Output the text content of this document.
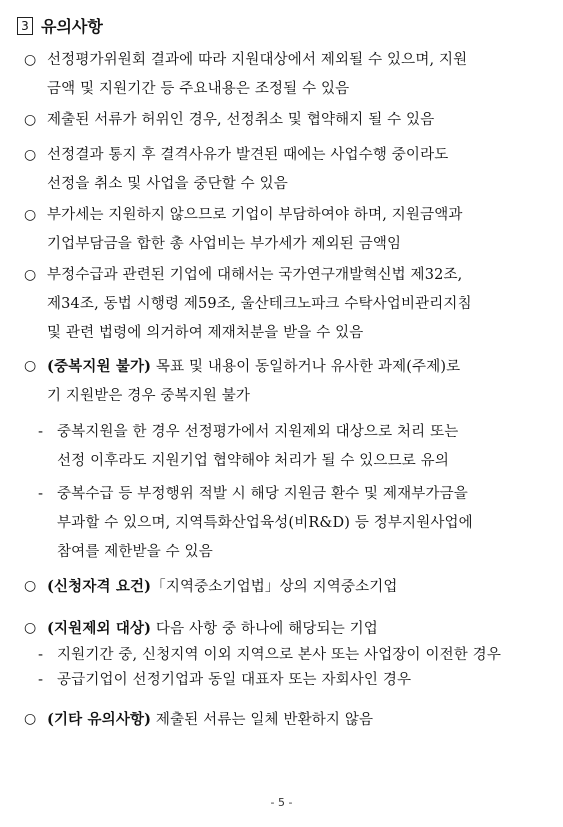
3 유의사항
○ 선정평가위원회 결과에 따라 지원대상에서 제외될 수 있으며, 지원
금액 및 지원기간 등 주요내용은 조정될 수 있음
○ 제출된 서류가 허위인 경우, 선정취소 및 협약해지 될 수 있음
○ 선정결과 통지 후 결격사유가 발견된 때에는 사업수행 중이라도
선정을 취소 및 사업을 중단할 수 있음
○ 부가세는 지원하지 않으므로 기업이 부담하여야 하며, 지원금액과
기업부담금을 합한 총 사업비는 부가세가 제외된 금액임
○ 부정수급과 관련된 기업에 대해서는 국가연구개발혁신법 제32조,
제34조, 동법 시행령 제59조, 울산테크노파크 수탁사업비관리지침
및 관련 법령에 의거하여 제재처분을 받을 수 있음
○ (중복지원 불가) 목표 및 내용이 동일하거나 유사한 과제(주제)로
기 지원받은 경우 중복지원 불가
- 중복지원을 한 경우 선정평가에서 지원제외 대상으로 처리 또는
선정 이후라도 지원기업 협약해야 처리가 될 수 있으므로 유의
- 중복수급 등 부정행위 적발 시 해당 지원금 환수 및 제재부가금을
부과할 수 있으며, 지역특화산업육성(비R&D) 등 정부지원사업에
참여를 제한받을 수 있음
○ (신청자격 요건)「지역중소기업법」상의 지역중소기업
○ (지원제외 대상) 다음 사항 중 하나에 해당되는 기업
- 지원기간 중, 신청지역 이외 지역으로 본사 또는 사업장이 이전한 경우
- 공급기업이 선정기업과 동일 대표자 또는 자회사인 경우
○ (기타 유의사항) 제출된 서류는 일체 반환하지 않음
- 5 -
